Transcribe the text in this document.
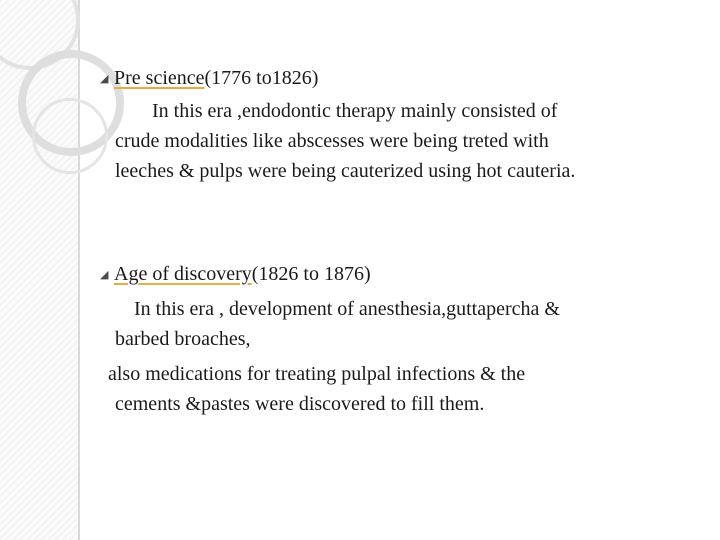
◢ Pre science(1776 to1826)
In this era ,endodontic therapy mainly consisted of
crude modalities like abscesses were being treted with
leeches & pulps were being cauterized using hot cauteria.
◢ Age of discovery(1826 to 1876)
In this era , development of anesthesia,guttapercha &
barbed broaches,
also medications for treating pulpal infections & the
cements &pastes were discovered to fill them.
